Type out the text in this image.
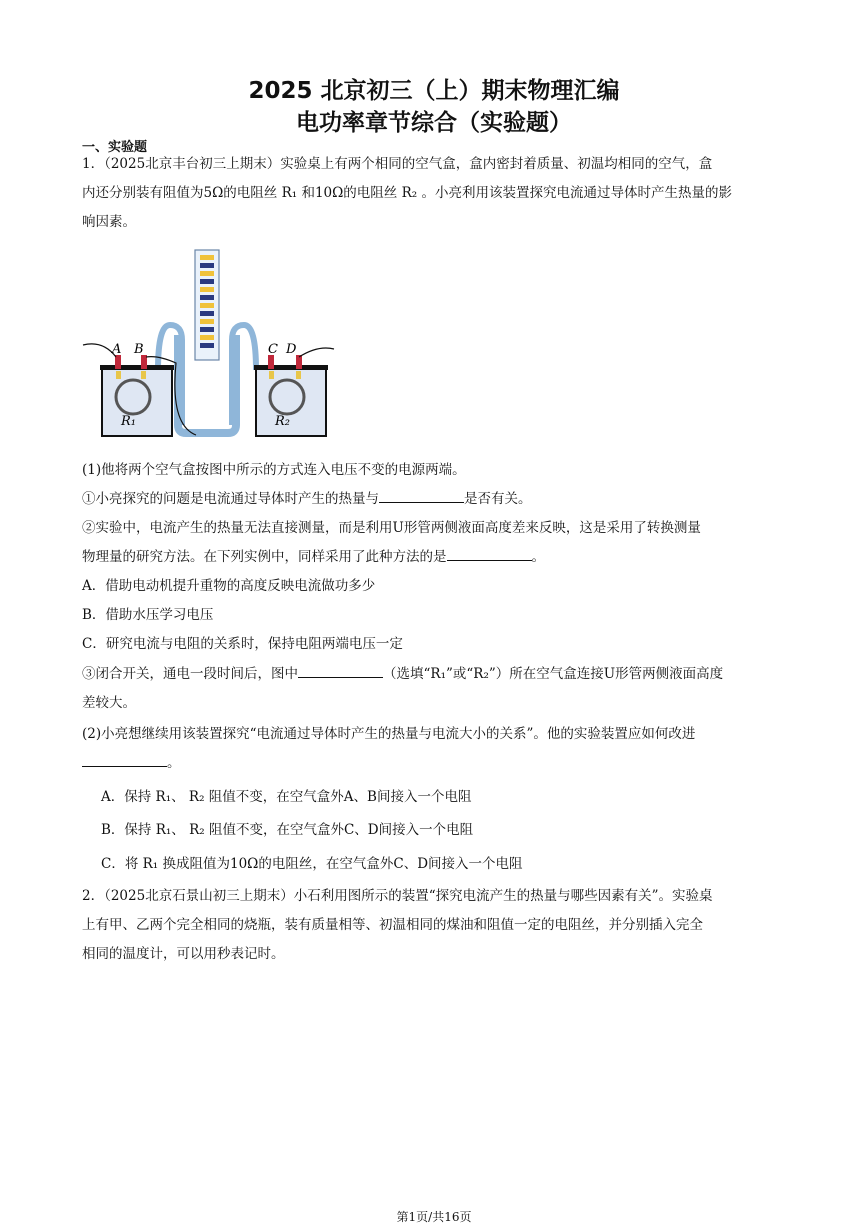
2025 北京初三（上）期末物理汇编
电功率章节综合（实验题）
一、实验题
1．（2025北京丰台初三上期末）实验桌上有两个相同的空气盒，盒内密封着质量、初温均相同的空气，盒
内还分别装有阻值为5Ω的电阻丝 R₁ 和10Ω的电阻丝 R₂ 。小亮利用该装置探究电流通过导体时产生热量的影
响因素。
A B	C D
R₁	R₂
(1)他将两个空气盒按图中所示的方式连入电压不变的电源两端。
①小亮探究的问题是电流通过导体时产生的热量与	是否有关。
②实验中，电流产生的热量无法直接测量，而是利用U形管两侧液面高度差来反映，这是采用了转换测量
物理量的研究方法。在下列实例中，同样采用了此种方法的是	。
A．借助电动机提升重物的高度反映电流做功多少
B．借助水压学习电压
C．研究电流与电阻的关系时，保持电阻两端电压一定
③闭合开关，通电一段时间后，图中	（选填“R₁”或“R₂”）所在空气盒连接U形管两侧液面高度
差较大。
(2)小亮想继续用该装置探究“电流通过导体时产生的热量与电流大小的关系”。他的实验装置应如何改进
。
A．保持 R₁、 R₂ 阻值不变，在空气盒外A、B间接入一个电阻
B．保持 R₁、 R₂ 阻值不变，在空气盒外C、D间接入一个电阻
C．将 R₁ 换成阻值为10Ω的电阻丝，在空气盒外C、D间接入一个电阻
2．（2025北京石景山初三上期末）小石利用图所示的装置“探究电流产生的热量与哪些因素有关”。实验桌
上有甲、乙两个完全相同的烧瓶，装有质量相等、初温相同的煤油和阻值一定的电阻丝，并分别插入完全
相同的温度计，可以用秒表记时。
第1页/共16页
